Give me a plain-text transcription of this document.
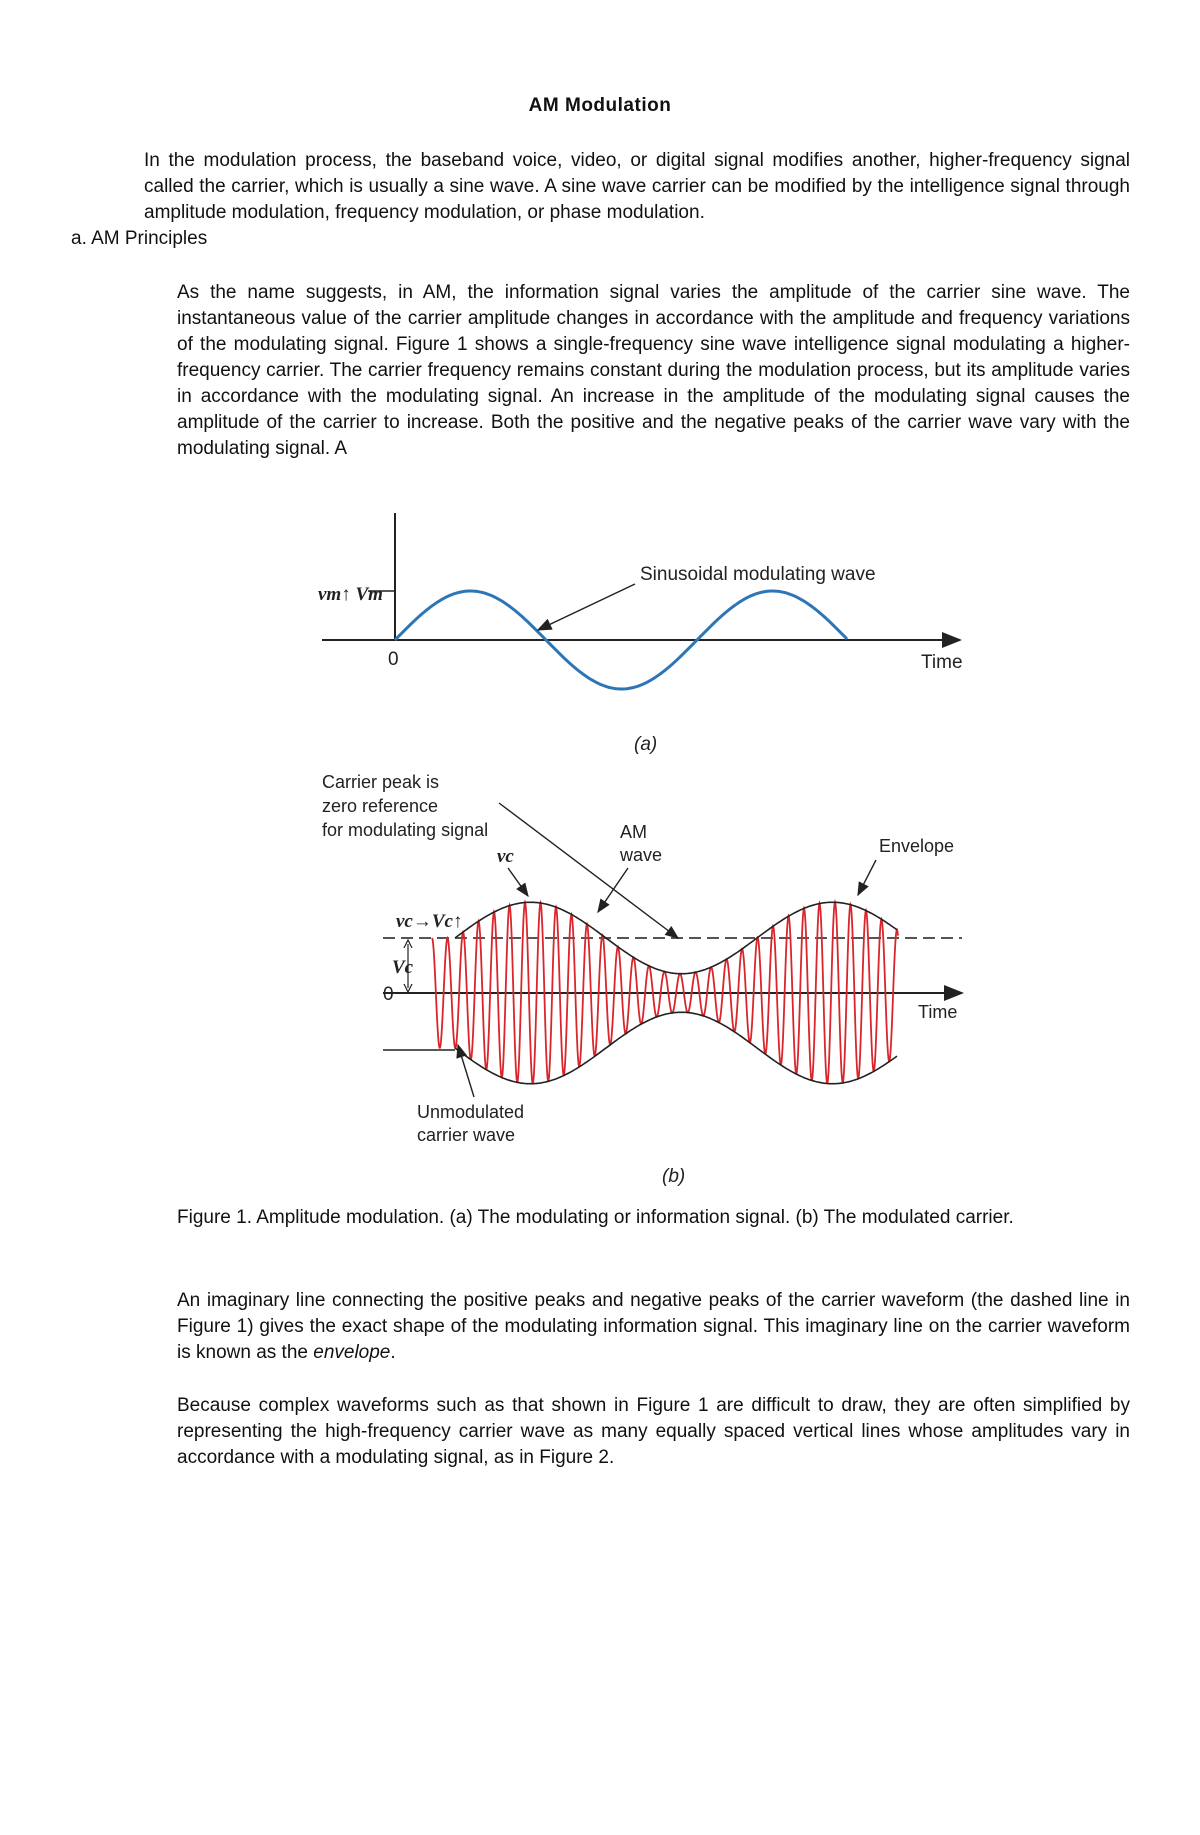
AM Modulation

In the modulation process, the baseband voice, video, or digital signal modifies another, higher-frequency signal called the carrier, which is usually a sine wave. A sine wave carrier can be modified by the intelligence signal through amplitude modulation, frequency modulation, or phase modulation.

a. AM Principles

As the name suggests, in AM, the information signal varies the amplitude of the carrier sine wave. The instantaneous value of the carrier amplitude changes in accordance with the amplitude and frequency variations of the modulating signal. Figure 1 shows a single-frequency sine wave intelligence signal modulating a higher-frequency carrier. The carrier frequency remains constant during the modulation process, but its amplitude varies in accordance with the modulating signal. An increase in the amplitude of the modulating signal causes the amplitude of the carrier to increase. Both the positive and the negative peaks of the carrier wave vary with the modulating signal. A

vm↑ Vm
0	Time
Sinusoidal modulating wave
(a)
Carrier peak is
zero reference
for modulating signal
vc
AM
wave	Envelope
vc→Vc↑
Vc
0
Time
Unmodulated
carrier wave
(b)
Figure 1. Amplitude modulation. (a) The modulating or information signal. (b) The modulated carrier.

An imaginary line connecting the positive peaks and negative peaks of the carrier waveform (the dashed line in Figure 1) gives the exact shape of the modulating information signal. This imaginary line on the carrier waveform is known as the envelope.

Because complex waveforms such as that shown in Figure 1 are difficult to draw, they are often simplified by representing the high-frequency carrier wave as many equally spaced vertical lines whose amplitudes vary in accordance with a modulating signal, as in Figure 2.
